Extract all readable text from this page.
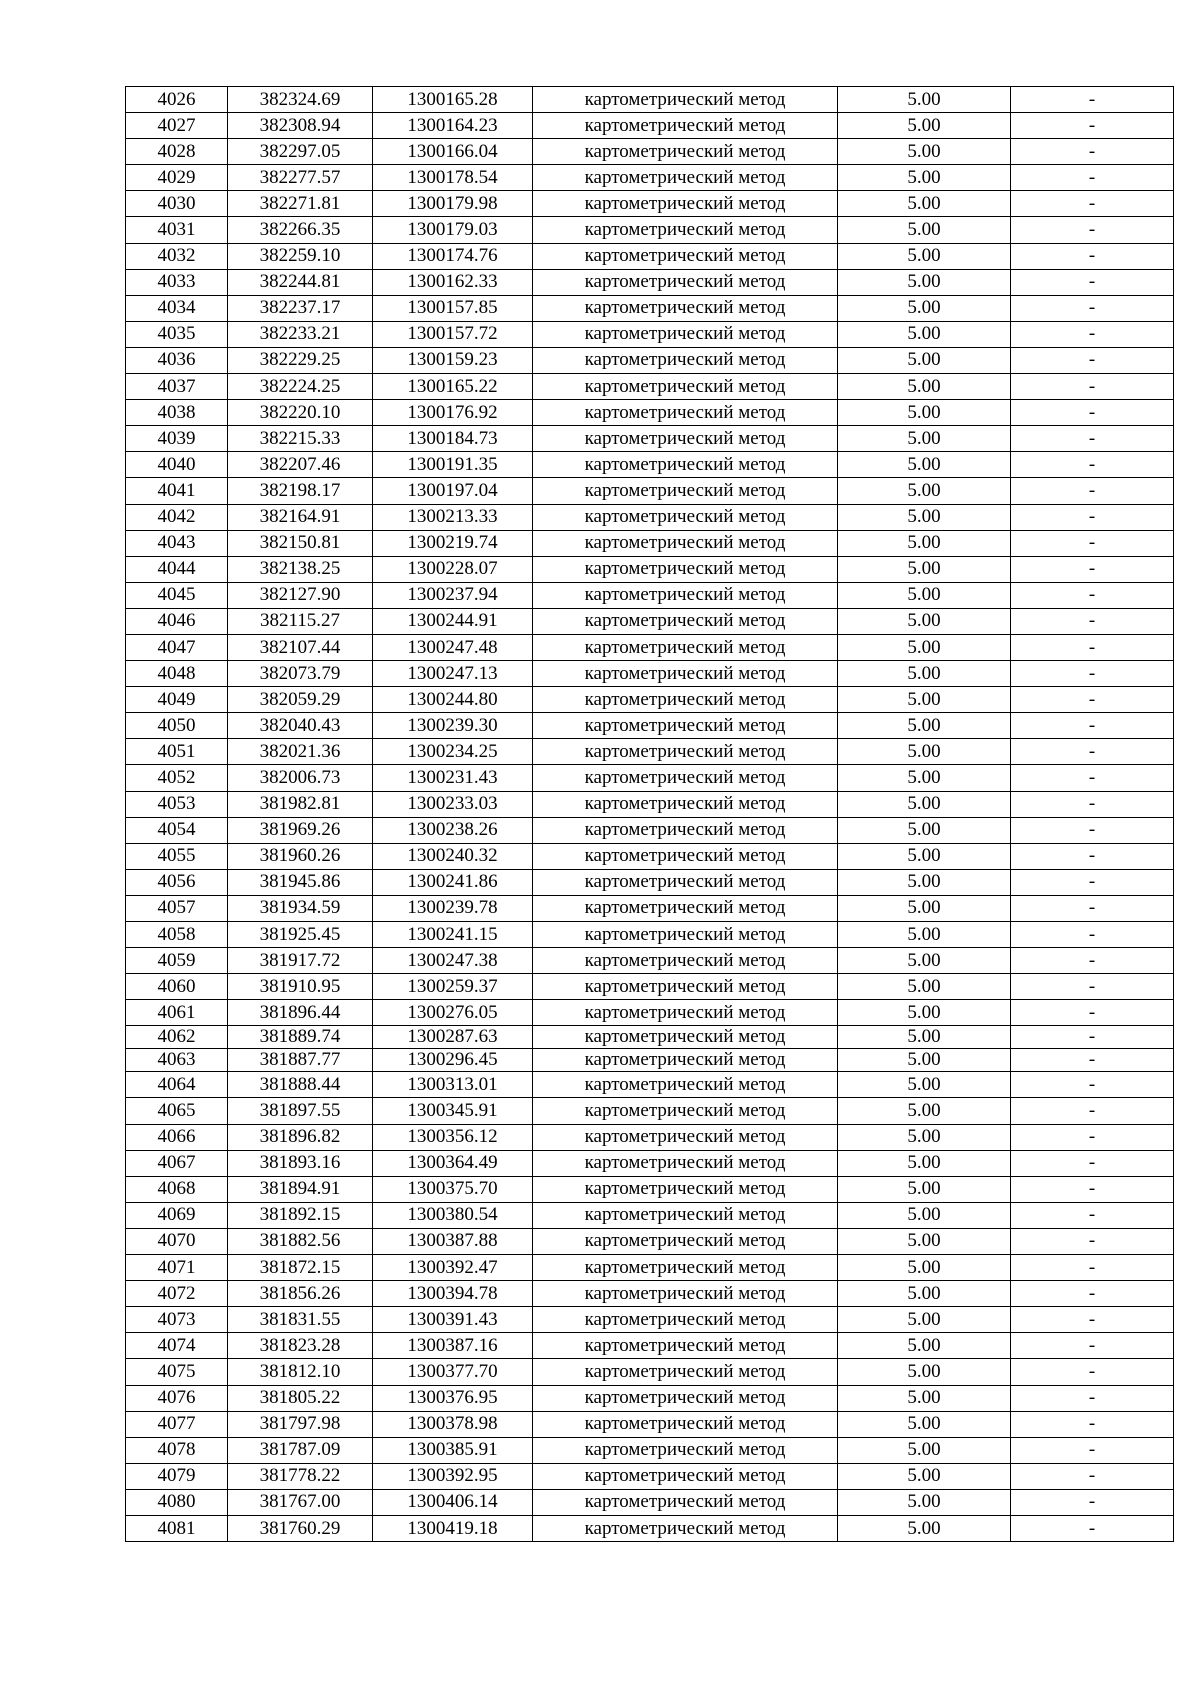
4026	382324.69	1300165.28	картометрический метод	5.00	-
4027	382308.94	1300164.23	картометрический метод	5.00	-
4028	382297.05	1300166.04	картометрический метод	5.00	-
4029	382277.57	1300178.54	картометрический метод	5.00	-
4030	382271.81	1300179.98	картометрический метод	5.00	-
4031	382266.35	1300179.03	картометрический метод	5.00	-
4032	382259.10	1300174.76	картометрический метод	5.00	-
4033	382244.81	1300162.33	картометрический метод	5.00	-
4034	382237.17	1300157.85	картометрический метод	5.00	-
4035	382233.21	1300157.72	картометрический метод	5.00	-
4036	382229.25	1300159.23	картометрический метод	5.00	-
4037	382224.25	1300165.22	картометрический метод	5.00	-
4038	382220.10	1300176.92	картометрический метод	5.00	-
4039	382215.33	1300184.73	картометрический метод	5.00	-
4040	382207.46	1300191.35	картометрический метод	5.00	-
4041	382198.17	1300197.04	картометрический метод	5.00	-
4042	382164.91	1300213.33	картометрический метод	5.00	-
4043	382150.81	1300219.74	картометрический метод	5.00	-
4044	382138.25	1300228.07	картометрический метод	5.00	-
4045	382127.90	1300237.94	картометрический метод	5.00	-
4046	382115.27	1300244.91	картометрический метод	5.00	-
4047	382107.44	1300247.48	картометрический метод	5.00	-
4048	382073.79	1300247.13	картометрический метод	5.00	-
4049	382059.29	1300244.80	картометрический метод	5.00	-
4050	382040.43	1300239.30	картометрический метод	5.00	-
4051	382021.36	1300234.25	картометрический метод	5.00	-
4052	382006.73	1300231.43	картометрический метод	5.00	-
4053	381982.81	1300233.03	картометрический метод	5.00	-
4054	381969.26	1300238.26	картометрический метод	5.00	-
4055	381960.26	1300240.32	картометрический метод	5.00	-
4056	381945.86	1300241.86	картометрический метод	5.00	-
4057	381934.59	1300239.78	картометрический метод	5.00	-
4058	381925.45	1300241.15	картометрический метод	5.00	-
4059	381917.72	1300247.38	картометрический метод	5.00	-
4060	381910.95	1300259.37	картометрический метод	5.00	-
4061	381896.44	1300276.05	картометрический метод	5.00	-
4062	381889.74	1300287.63	картометрический метод	5.00	-
4063	381887.77	1300296.45	картометрический метод	5.00	-
4064	381888.44	1300313.01	картометрический метод	5.00	-
4065	381897.55	1300345.91	картометрический метод	5.00	-
4066	381896.82	1300356.12	картометрический метод	5.00	-
4067	381893.16	1300364.49	картометрический метод	5.00	-
4068	381894.91	1300375.70	картометрический метод	5.00	-
4069	381892.15	1300380.54	картометрический метод	5.00	-
4070	381882.56	1300387.88	картометрический метод	5.00	-
4071	381872.15	1300392.47	картометрический метод	5.00	-
4072	381856.26	1300394.78	картометрический метод	5.00	-
4073	381831.55	1300391.43	картометрический метод	5.00	-
4074	381823.28	1300387.16	картометрический метод	5.00	-
4075	381812.10	1300377.70	картометрический метод	5.00	-
4076	381805.22	1300376.95	картометрический метод	5.00	-
4077	381797.98	1300378.98	картометрический метод	5.00	-
4078	381787.09	1300385.91	картометрический метод	5.00	-
4079	381778.22	1300392.95	картометрический метод	5.00	-
4080	381767.00	1300406.14	картометрический метод	5.00	-
4081	381760.29	1300419.18	картометрический метод	5.00	-
